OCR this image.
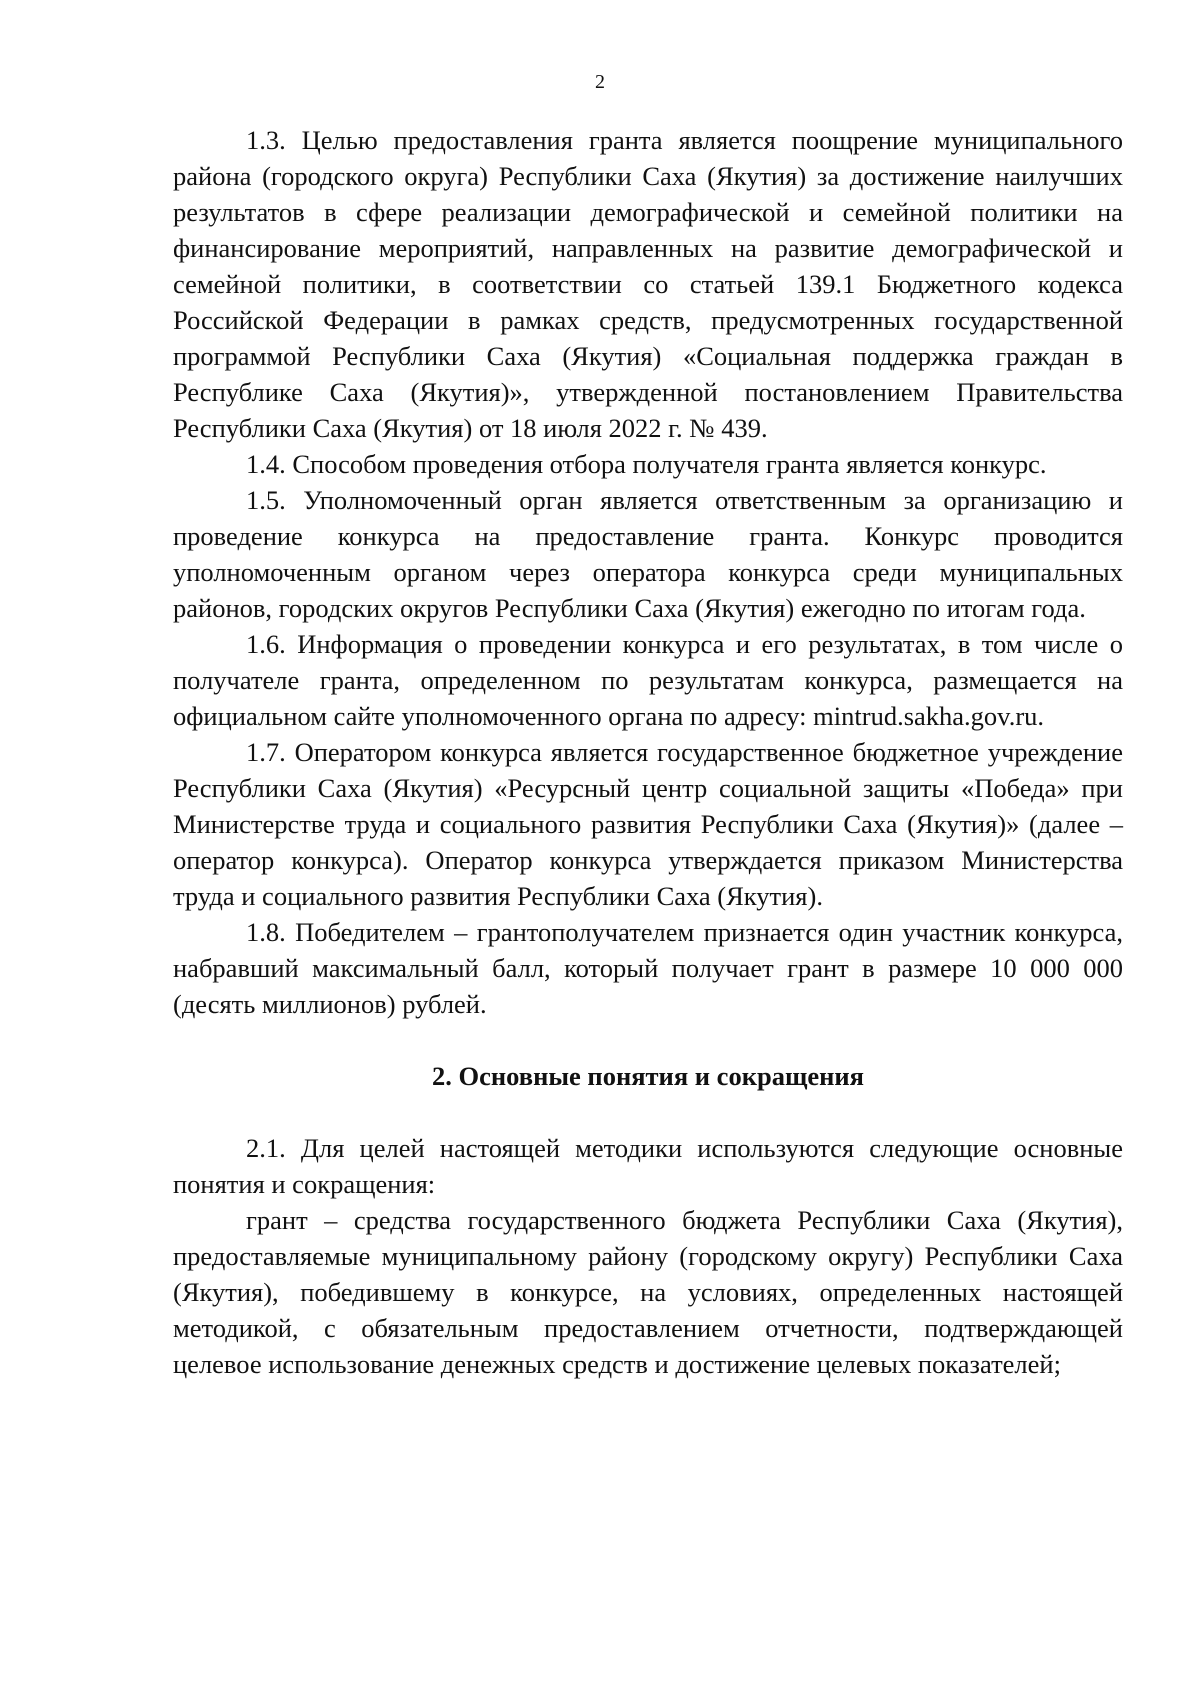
2

1.3. Целью предоставления гранта является поощрение муниципального района (городского округа) Республики Саха (Якутия) за достижение наилучших результатов в сфере реализации демографической и семейной политики на финансирование мероприятий, направленных на развитие демографической и семейной политики, в соответствии со статьей 139.1 Бюджетного кодекса Российской Федерации в рамках средств, предусмотренных государственной программой Республики Саха (Якутия) «Социальная поддержка граждан в Республике Саха (Якутия)», утвержденной постановлением Правительства Республики Саха (Якутия) от 18 июля 2022 г. № 439.

1.4. Способом проведения отбора получателя гранта является конкурс.

1.5. Уполномоченный орган является ответственным за организацию и проведение конкурса на предоставление гранта. Конкурс проводится уполномоченным органом через оператора конкурса среди муниципальных районов, городских округов Республики Саха (Якутия) ежегодно по итогам года.

1.6. Информация о проведении конкурса и его результатах, в том числе о получателе гранта, определенном по результатам конкурса, размещается на официальном сайте уполномоченного органа по адресу: mintrud.sakha.gov.ru.

1.7. Оператором конкурса является государственное бюджетное учреждение Республики Саха (Якутия) «Ресурсный центр социальной защиты «Победа» при Министерстве труда и социального развития Республики Саха (Якутия)» (далее – оператор конкурса). Оператор конкурса утверждается приказом Министерства труда и социального развития Республики Саха (Якутия).

1.8. Победителем – грантополучателем признается один участник конкурса, набравший максимальный балл, который получает грант в размере 10 000 000 (десять миллионов) рублей.

2. Основные понятия и сокращения

2.1. Для целей настоящей методики используются следующие основные понятия и сокращения:

грант – средства государственного бюджета Республики Саха (Якутия), предоставляемые муниципальному району (городскому округу) Республики Саха (Якутия), победившему в конкурсе, на условиях, определенных настоящей методикой, с обязательным предоставлением отчетности, подтверждающей целевое использование денежных средств и достижение целевых показателей;
